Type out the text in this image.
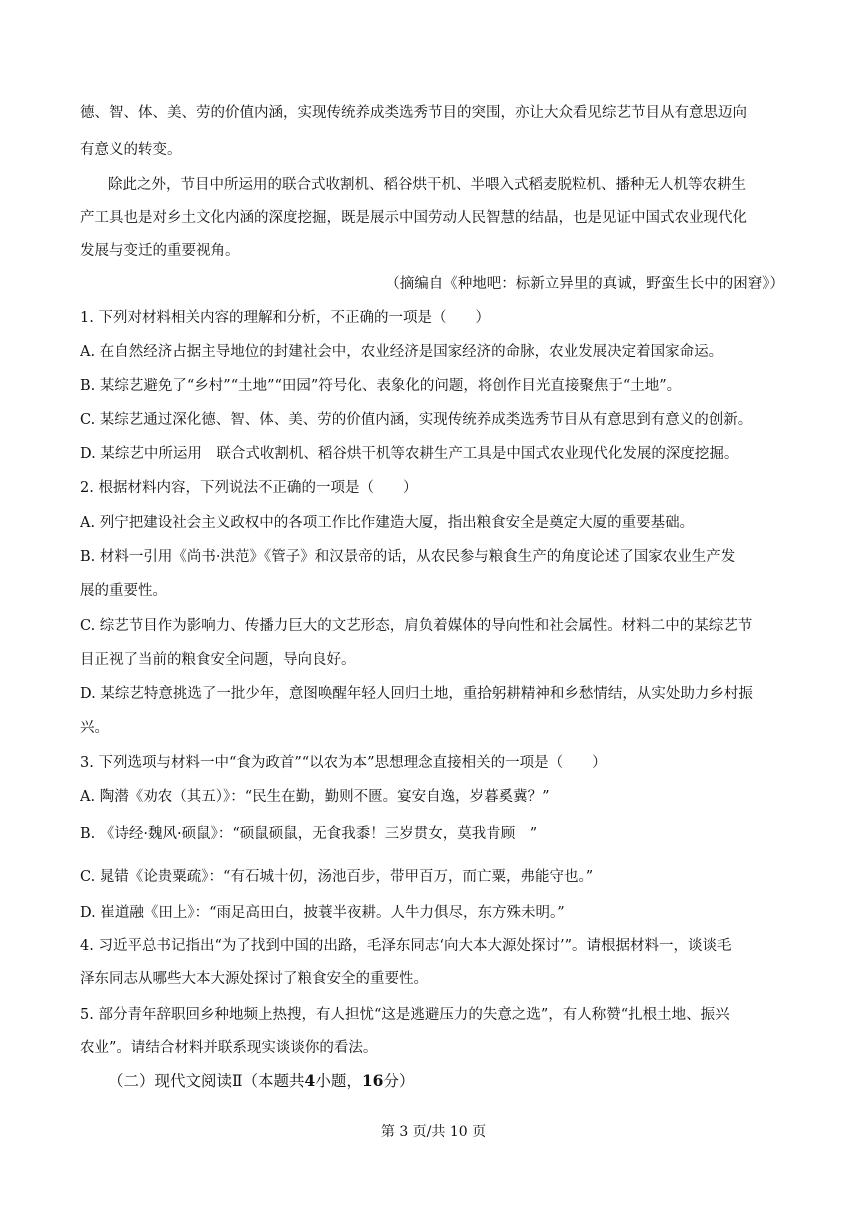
德、智、体、美、劳的价值内涵，实现传统养成类选秀节目的突围，亦让大众看见综艺节目从有意思迈向
有意义的转变。
除此之外，节目中所运用的联合式收割机、稻谷烘干机、半喂入式稻麦脱粒机、播种无人机等农耕生
产工具也是对乡土文化内涵的深度挖掘，既是展示中国劳动人民智慧的结晶，也是见证中国式农业现代化
发展与变迁的重要视角。
（摘编自《种地吧：标新立异里的真诚，野蛮生长中的困窘》）
1. 下列对材料相关内容的理解和分析，不正确的一项是（　　）
A. 在自然经济占据主导地位的封建社会中，农业经济是国家经济的命脉，农业发展决定着国家命运。
B. 某综艺避免了“乡村”“土地”“田园”符号化、表象化的问题，将创作目光直接聚焦于“土地”。
C. 某综艺通过深化德、智、体、美、劳的价值内涵，实现传统养成类选秀节目从有意思到有意义的创新。
D. 某综艺中所运用　联合式收割机、稻谷烘干机等农耕生产工具是中国式农业现代化发展的深度挖掘。
2. 根据材料内容，下列说法不正确的一项是（　　）
A. 列宁把建设社会主义政权中的各项工作比作建造大厦，指出粮食安全是奠定大厦的重要基础。
B. 材料一引用《尚书·洪范》《管子》和汉景帝的话，从农民参与粮食生产的角度论述了国家农业生产发
展的重要性。
C. 综艺节目作为影响力、传播力巨大的文艺形态，肩负着媒体的导向性和社会属性。材料二中的某综艺节
目正视了当前的粮食安全问题，导向良好。
D. 某综艺特意挑选了一批少年，意图唤醒年轻人回归土地，重拾躬耕精神和乡愁情结，从实处助力乡村振
兴。
3. 下列选项与材料一中“食为政首”“以农为本”思想理念直接相关的一项是（　　）
A. 陶潜《劝农（其五）》：“民生在勤，勤则不匮。宴安自逸，岁暮奚冀？”
B. 《诗经·魏风·硕鼠》：“硕鼠硕鼠，无食我黍！三岁贯女，莫我肯顾　”
C. 晁错《论贵粟疏》：“有石城十仞，汤池百步，带甲百万，而亡粟，弗能守也。”
D. 崔道融《田上》：“雨足高田白，披蓑半夜耕。人牛力俱尽，东方殊未明。”
4. 习近平总书记指出“为了找到中国的出路，毛泽东同志‘向大本大源处探讨’”。请根据材料一，谈谈毛
泽东同志从哪些大本大源处探讨了粮食安全的重要性。
5. 部分青年辞职回乡种地频上热搜，有人担忧“这是逃避压力的失意之选”，有人称赞“扎根土地、振兴
农业”。请结合材料并联系现实谈谈你的看法。
（二）现代文阅读Ⅱ（本题共4小题，16分）
第 3 页/共 10 页
